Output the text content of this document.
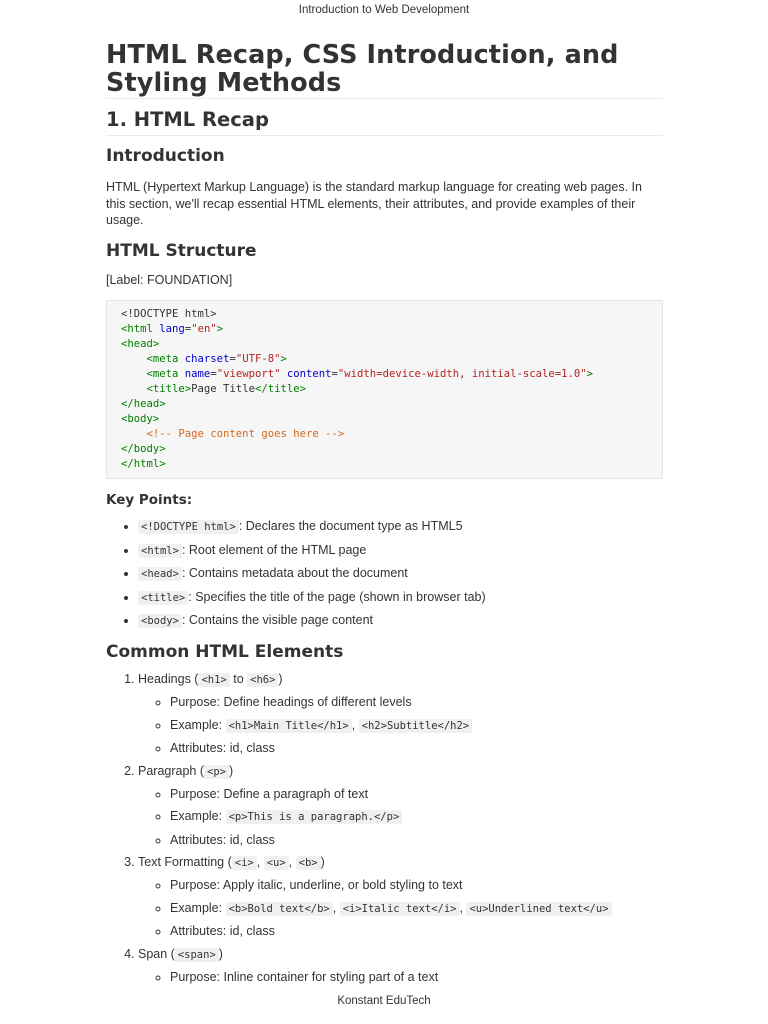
Introduction to Web Development
HTML Recap, CSS Introduction, and Styling Methods
1. HTML Recap
Introduction

HTML (Hypertext Markup Language) is the standard markup language for creating web pages. In this section, we'll recap essential HTML elements, their attributes, and provide examples of their usage.

HTML Structure

[Label: FOUNDATION]

<!DOCTYPE html>
<html lang="en">
<head>
<meta charset="UTF-8">
<meta name="viewport" content="width=device-width, initial-scale=1.0">
<title>Page Title</title>
</head>
<body>
<!-- Page content goes here -->
</body>
</html>
Key Points:
• <!DOCTYPE html> : Declares the document type as HTML5
• <html> : Root element of the HTML page
• <head> : Contains metadata about the document
• <title> : Specifies the title of the page (shown in browser tab)
• <body> : Contains the visible page content
Common HTML Elements
1. Headings ( <h1> to <h6> )
◦ Purpose: Define headings of different levels
◦ Example: <h1>Main Title</h1> , <h2>Subtitle</h2>
◦ Attributes: id, class
2. Paragraph ( <p> )
◦ Purpose: Define a paragraph of text
◦ Example: <p>This is a paragraph.</p>
◦ Attributes: id, class
3. Text Formatting ( <i> , <u> , <b> )
◦ Purpose: Apply italic, underline, or bold styling to text
◦ Example: <b>Bold text</b> , <i>Italic text</i> , <u>Underlined text</u>
◦ Attributes: id, class
4. Span ( <span> )
◦ Purpose: Inline container for styling part of a text
Konstant EduTech
